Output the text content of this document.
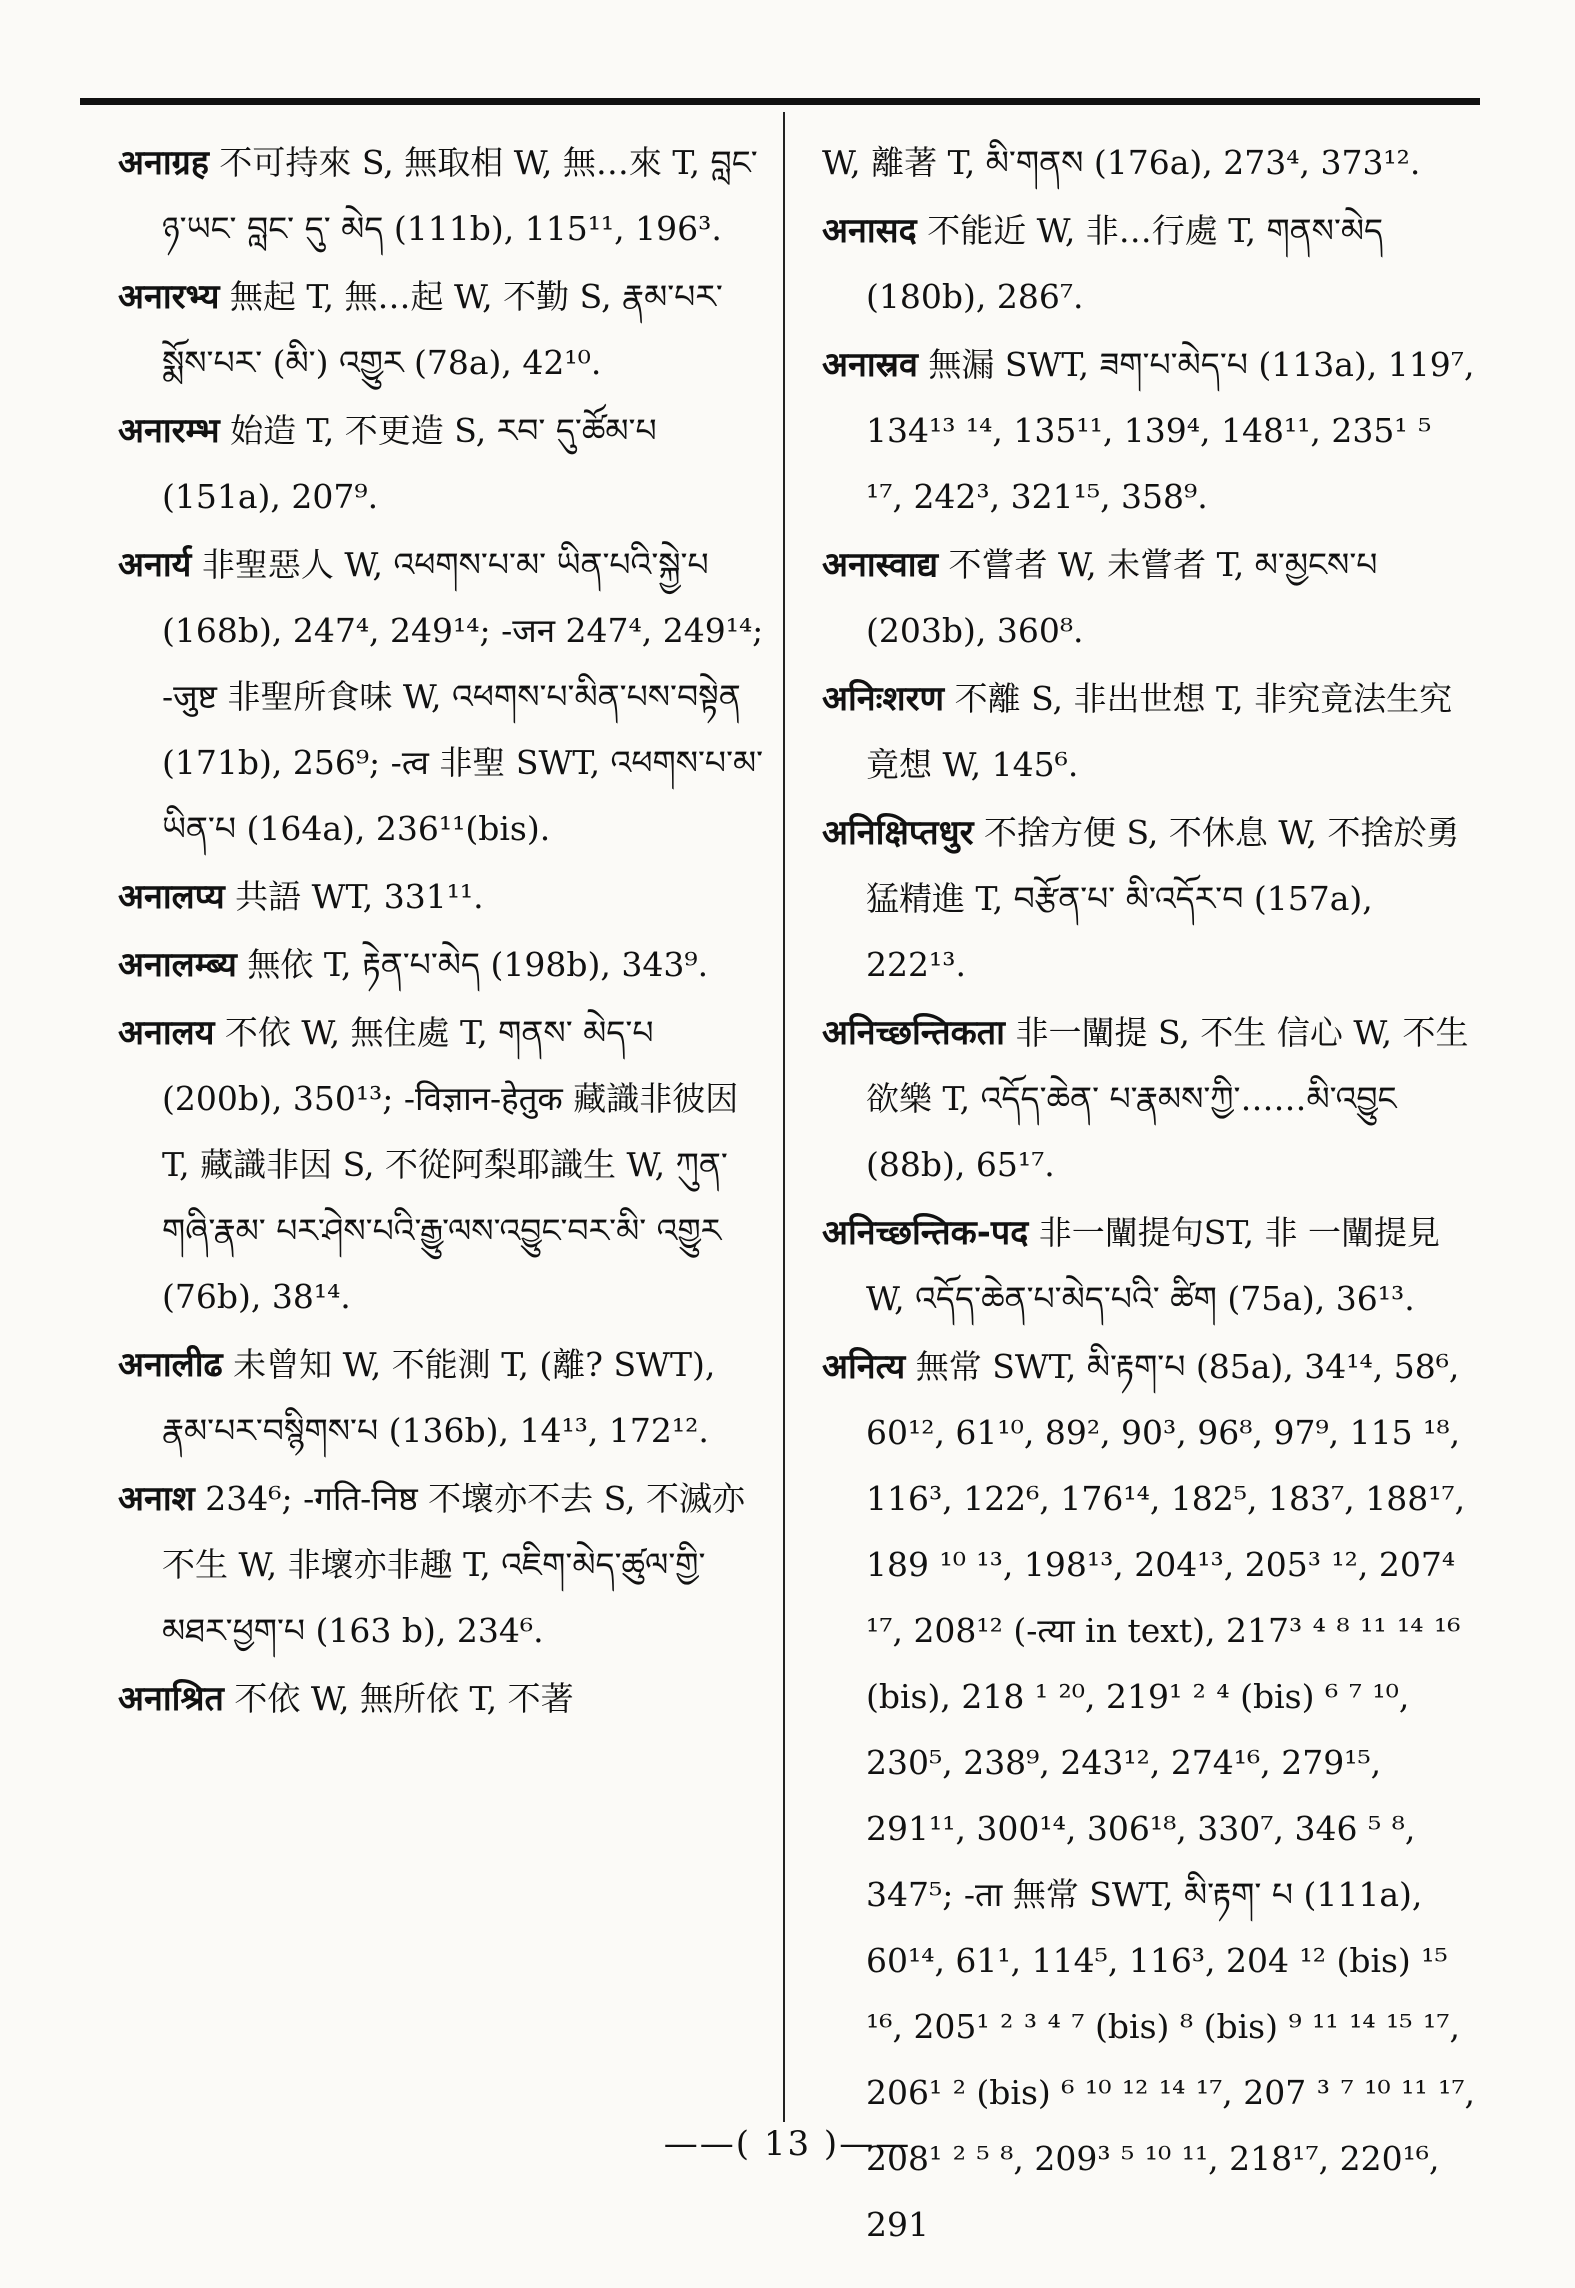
अनाग्रह 不可持來 S, 無取相 W, 無…來 T, བླང་ཉ་ཡང་ བླང་ དུ་ མེད (111b), 115¹¹, 196³.

अनारभ्य 無起 T, 無…起 W, 不勤 S, རྣམ་པར་སྨོས་པར་ (མི་) འགྱུར (78a), 42¹⁰.

अनारम्भ 始造 T, 不更造 S, རབ་ དུ་ཚོམ་པ (151a), 207⁹.

अनार्य 非聖惡人 W, འཕགས་པ་མ་ ཡིན་པའི་སྐྱེ་པ (168b), 247⁴, 249¹⁴; -जन 247⁴, 249¹⁴; -जुष्ट 非聖所食味 W, འཕགས་པ་མིན་པས་བསྟེན (171b), 256⁹; -त्व 非聖 SWT, འཕགས་པ་མ་ཡིན་པ (164a), 236¹¹(bis).

अनालप्य 共語 WT, 331¹¹.

अनालम्ब्य 無依 T, རྟེན་པ་མེད (198b), 343⁹.

अनालय 不依 W, 無住處 T, གནས་ མེད་པ (200b), 350¹³; -विज्ञान-हेतुक 藏識非彼因 T, 藏識非因 S, 不從阿梨耶識生 W, ཀུན་གཞི་རྣམ་ པར་ཤེས་པའི་རྒྱུ་ལས་འབྱུང་བར་མི་ འགྱུར (76b), 38¹⁴.

अनालीढ 未曾知 W, 不能測 T, (離? SWT), རྣམ་པར་བསྙིགས་པ (136b), 14¹³, 172¹².

अनाश 234⁶; -गति-निष्ठ 不壞亦不去 S, 不滅亦不生 W, 非壞亦非趣 T, འཇིག་མེད་ཚུལ་གྱི་མཐར་ཕྱག་པ (163 b), 234⁶.

अनाश्रित 不依 W, 無所依 T, 不著

W, 離著 T, མི་གནས (176a), 273⁴, 373¹².

अनासद 不能近 W, 非…行處 T, གནས་མེད (180b), 286⁷.

अनास्रव 無漏 SWT, ཟག་པ་མེད་པ (113a), 119⁷, 134¹³ ¹⁴, 135¹¹, 139⁴, 148¹¹, 235¹ ⁵ ¹⁷, 242³, 321¹⁵, 358⁹.

अनास्वाद्य 不嘗者 W, 未嘗者 T, མ་མྱངས་པ (203b), 360⁸.

अनिःशरण 不離 S, 非出世想 T, 非究竟法生究竟想 W, 145⁶.

अनिक्षिप्तधुर 不捨方便 S, 不休息 W, 不捨於勇猛精進 T, བརྩོན་པ་ མི་འདོར་བ (157a), 222¹³.

अनिच्छन्तिकता 非一闡提 S, 不生 信心 W, 不生欲樂 T, འདོད་ཆེན་ པ་རྣམས་ཀྱི་……མི་འབྱུང (88b), 65¹⁷.

अनिच्छन्तिक-पद 非一闡提句ST, 非 一闡提見 W, འདོད་ཆེན་པ་མེད་པའི་ ཚིག (75a), 36¹³.

अनित्य 無常 SWT, མི་རྟག་པ (85a), 34¹⁴, 58⁶, 60¹², 61¹⁰, 89², 90³, 96⁸, 97⁹, 115 ¹⁸, 116³, 122⁶, 176¹⁴, 182⁵, 183⁷, 188¹⁷, 189 ¹⁰ ¹³, 198¹³, 204¹³, 205³ ¹², 207⁴ ¹⁷, 208¹² (-त्या in text), 217³ ⁴ ⁸ ¹¹ ¹⁴ ¹⁶ (bis), 218 ¹ ²⁰, 219¹ ² ⁴ (bis) ⁶ ⁷ ¹⁰, 230⁵, 238⁹, 243¹², 274¹⁶, 279¹⁵, 291¹¹, 300¹⁴, 306¹⁸, 330⁷, 346 ⁵ ⁸, 347⁵; -ता 無常 SWT, མི་རྟག་ པ (111a), 60¹⁴, 61¹, 114⁵, 116³, 204 ¹² (bis) ¹⁵ ¹⁶, 205¹ ² ³ ⁴ ⁷ (bis) ⁸ (bis) ⁹ ¹¹ ¹⁴ ¹⁵ ¹⁷, 206¹ ² (bis) ⁶ ¹⁰ ¹² ¹⁴ ¹⁷, 207 ³ ⁷ ¹⁰ ¹¹ ¹⁷, 208¹ ² ⁵ ⁸, 209³ ⁵ ¹⁰ ¹¹, 218¹⁷, 220¹⁶, 291

——( 13 )——
